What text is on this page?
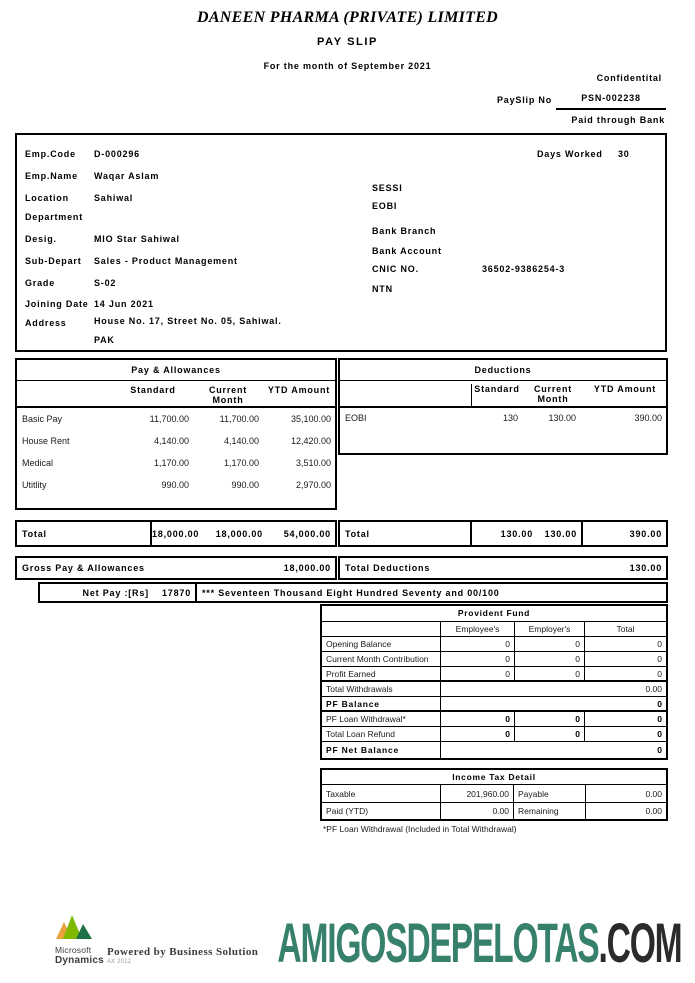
DANEEN PHARMA (PRIVATE) LIMITED
PAY SLIP
For the month of September 2021
Confidentital
PaySlip No	PSN-002238
Paid through Bank
Emp.Code D-000296
Emp.Name Waqar Aslam
Location	Sahiwal
Department
Desig.	MIO Star Sahiwal
Sub-Depart Sales - Product Management
Grade	S-02
Joining Date 14 Jun 2021
Address	House No. 17, Street No. 05, Sahiwal.
PAK
Days Worked 30
SESSI
EOBI
Bank Branch
Bank Account
CNIC NO.	36502-9386254-3
NTN
Pay & Allowances
Standard	Current Month
YTD Amount
Basic Pay	11,700.00	11,700.00	35,100.00
House Rent	4,140.00	4,140.00	12,420.00
Medical	1,170.00	1,170.00	3,510.00
Utitlity	990.00	990.00	2,970.00
Deductions
Standard	Current
Month
YTD Amount
EOBI	130	130.00	390.00
Total	18,000.00	18,000.00	54,000.00	Total	130.00	130.00	390.00
Gross Pay & Allowances	18,000.00 Total Deductions	130.00
Net Pay :[Rs] 17870	*** Seventeen Thousand Eight Hundred Seventy and 00/100
Provident Fund
Employee's	Employer's	Total
Opening Balance	0	0	0
Current Month Contribution	0	0	0
Profit Earned	0	0	0
Total Withdrawals	0.00
PF Balance	0
PF Loan Withdrawal*	0	0	0
Total Loan Refund	0	0	0
PF Net Balance	0
Income Tax Detail
Taxable	201,960.00	Payable	0.00
Paid (YTD)	0.00	Remaining	0.00
*PF Loan Withdrawal (Included in Total Withdrawal)
Microsoft
Dynamics AX 2012
Powered by Business Solution AMIGOSDEPELOTAS.COM
